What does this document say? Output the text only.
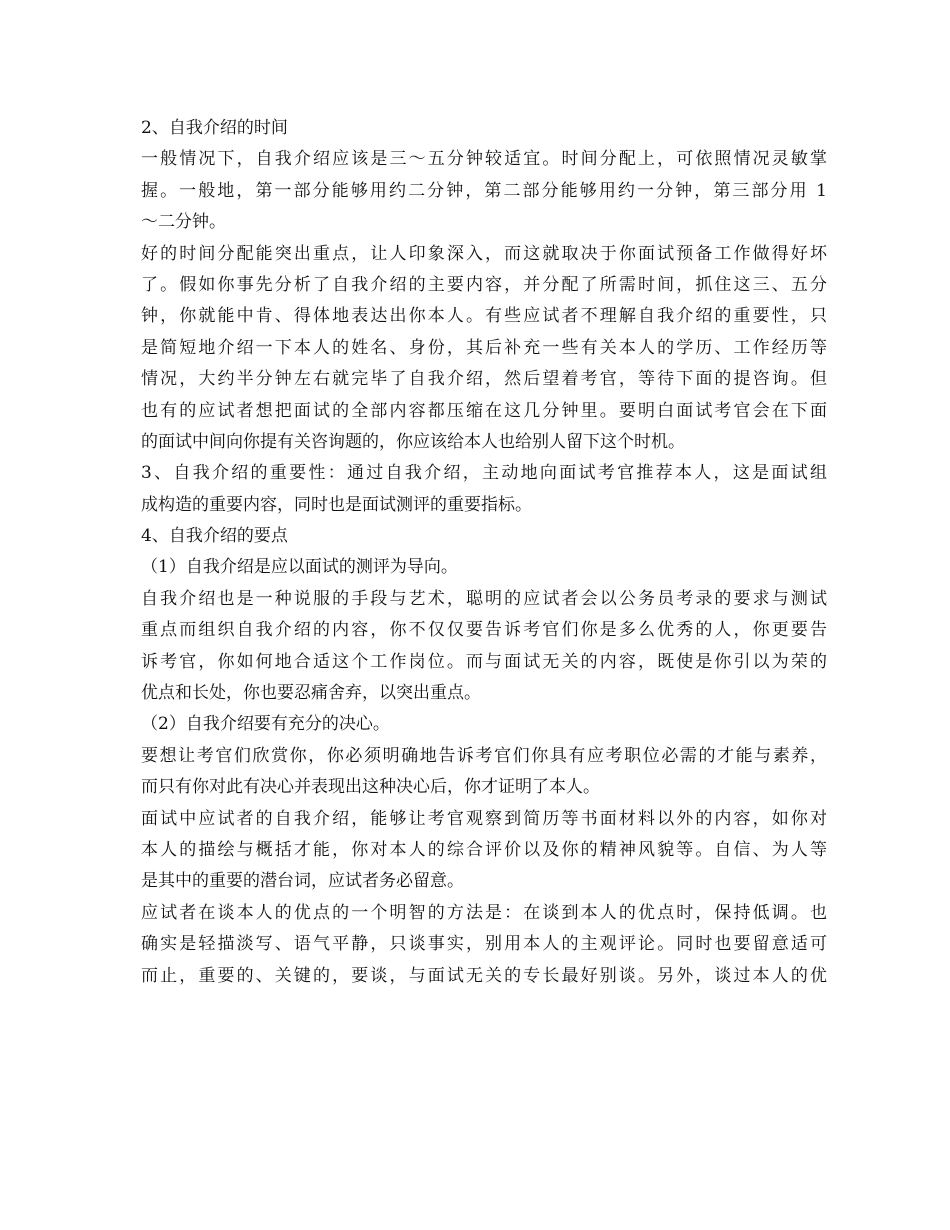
2、自我介绍的时间
一般情况下，自我介绍应该是三～五分钟较适宜。时间分配上，可依照情况灵敏掌
握。一般地，第一部分能够用约二分钟，第二部分能够用约一分钟，第三部分用 1
～二分钟。
好的时间分配能突出重点，让人印象深入，而这就取决于你面试预备工作做得好坏
了。假如你事先分析了自我介绍的主要内容，并分配了所需时间，抓住这三、五分
钟，你就能中肯、得体地表达出你本人。有些应试者不理解自我介绍的重要性，只
是简短地介绍一下本人的姓名、身份，其后补充一些有关本人的学历、工作经历等
情况，大约半分钟左右就完毕了自我介绍，然后望着考官，等待下面的提咨询。但
也有的应试者想把面试的全部内容都压缩在这几分钟里。要明白面试考官会在下面
的面试中间向你提有关咨询题的，你应该给本人也给别人留下这个时机。
3、自我介绍的重要性：通过自我介绍，主动地向面试考官推荐本人，这是面试组
成构造的重要内容，同时也是面试测评的重要指标。
4、自我介绍的要点
（1）自我介绍是应以面试的测评为导向。
自我介绍也是一种说服的手段与艺术，聪明的应试者会以公务员考录的要求与测试
重点而组织自我介绍的内容，你不仅仅要告诉考官们你是多么优秀的人，你更要告
诉考官，你如何地合适这个工作岗位。而与面试无关的内容，既使是你引以为荣的
优点和长处，你也要忍痛舍弃，以突出重点。
（2）自我介绍要有充分的决心。
要想让考官们欣赏你，你必须明确地告诉考官们你具有应考职位必需的才能与素养，
而只有你对此有决心并表现出这种决心后，你才证明了本人。
面试中应试者的自我介绍，能够让考官观察到简历等书面材料以外的内容，如你对
本人的描绘与概括才能，你对本人的综合评价以及你的精神风貌等。自信、为人等
是其中的重要的潜台词，应试者务必留意。
应试者在谈本人的优点的一个明智的方法是：在谈到本人的优点时，保持低调。也
确实是轻描淡写、语气平静，只谈事实，别用本人的主观评论。同时也要留意适可
而止，重要的、关键的，要谈，与面试无关的专长最好别谈。另外，谈过本人的优
